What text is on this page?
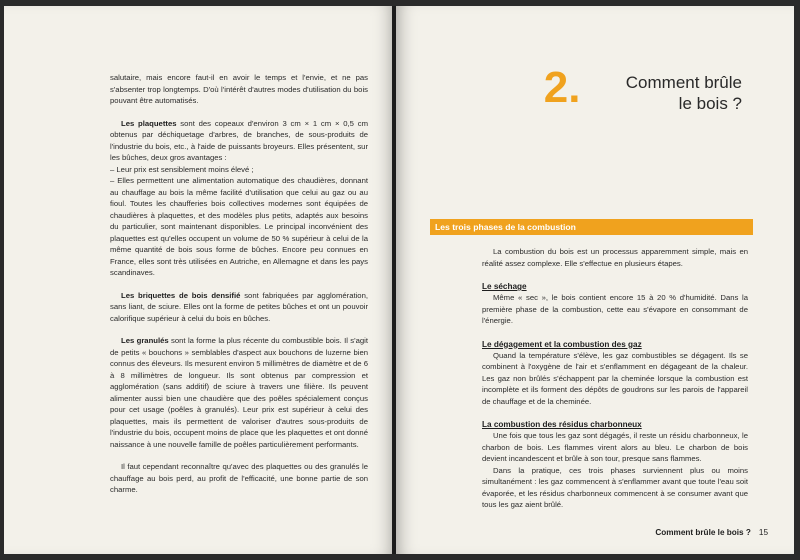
salutaire, mais encore faut-il en avoir le temps et l'envie, et ne pas s'absenter trop longtemps. D'où l'intérêt d'autres modes d'utilisation du bois pouvant être automatisés.

Les plaquettes sont des copeaux d'environ 3 cm × 1 cm × 0,5 cm obtenus par déchiquetage d'arbres, de branches, de sous-produits de l'industrie du bois, etc., à l'aide de puissants broyeurs. Elles présentent, sur les bûches, deux gros avantages :

– Leur prix est sensiblement moins élevé ;

– Elles permettent une alimentation automatique des chaudières, donnant au chauffage au bois la même facilité d'utilisation que celui au gaz ou au fioul. Toutes les chaufferies bois collectives modernes sont équipées de chaudières à plaquettes, et des modèles plus petits, adaptés aux besoins du particulier, sont maintenant disponibles. Le principal inconvénient des plaquettes est qu'elles occupent un volume de 50 % supérieur à celui de la même quantité de bois sous forme de bûches. Encore peu connues en France, elles sont très utilisées en Autriche, en Allemagne et dans les pays scandinaves.

Les briquettes de bois densifié sont fabriquées par agglomération, sans liant, de sciure. Elles ont la forme de petites bûches et ont un pouvoir calorifique supérieur à celui du bois en bûches.

Les granulés sont la forme la plus récente du combustible bois. Il s'agit de petits « bouchons » semblables d'aspect aux bouchons de luzerne bien connus des éleveurs. Ils mesurent environ 5 millimètres de diamètre et de 6 à 8 millimètres de longueur. Ils sont obtenus par compression et agglomération (sans additif) de sciure à travers une filière. Ils peuvent alimenter aussi bien une chaudière que des poêles spécialement conçus pour cet usage (poêles à granulés). Leur prix est supérieur à celui des plaquettes, mais ils permettent de valoriser d'autres sous-produits de l'industrie du bois, occupent moins de place que les plaquettes et ont donné naissance à une nouvelle famille de poêles particulièrement performants.

Il faut cependant reconnaître qu'avec des plaquettes ou des granulés le chauffage au bois perd, au profit de l'efficacité, une bonne partie de son charme.

2.	Comment brûle
le bois ?
Les trois phases de la combustion

La combustion du bois est un processus apparemment simple, mais en réalité assez complexe. Elle s'effectue en plusieurs étapes.

Le séchage

Même « sec », le bois contient encore 15 à 20 % d'humidité. Dans la première phase de la combustion, cette eau s'évapore en consommant de l'énergie.

Le dégagement et la combustion des gaz

Quand la température s'élève, les gaz combustibles se dégagent. Ils se combinent à l'oxygène de l'air et s'enflamment en dégageant de la chaleur. Les gaz non brûlés s'échappent par la cheminée lorsque la combustion est incomplète et ils forment des dépôts de goudrons sur les parois de l'appareil de chauffage et de la cheminée.

La combustion des résidus charbonneux

Une fois que tous les gaz sont dégagés, il reste un résidu charbonneux, le charbon de bois. Les flammes virent alors au bleu. Le charbon de bois devient incandescent et brûle à son tour, presque sans flammes.

Dans la pratique, ces trois phases surviennent plus ou moins simultanément : les gaz commencent à s'enflammer avant que toute l'eau soit évaporée, et les résidus charbonneux commencent à se consumer avant que tous les gaz aient brûlé.

Comment brûle le bois ? 15
